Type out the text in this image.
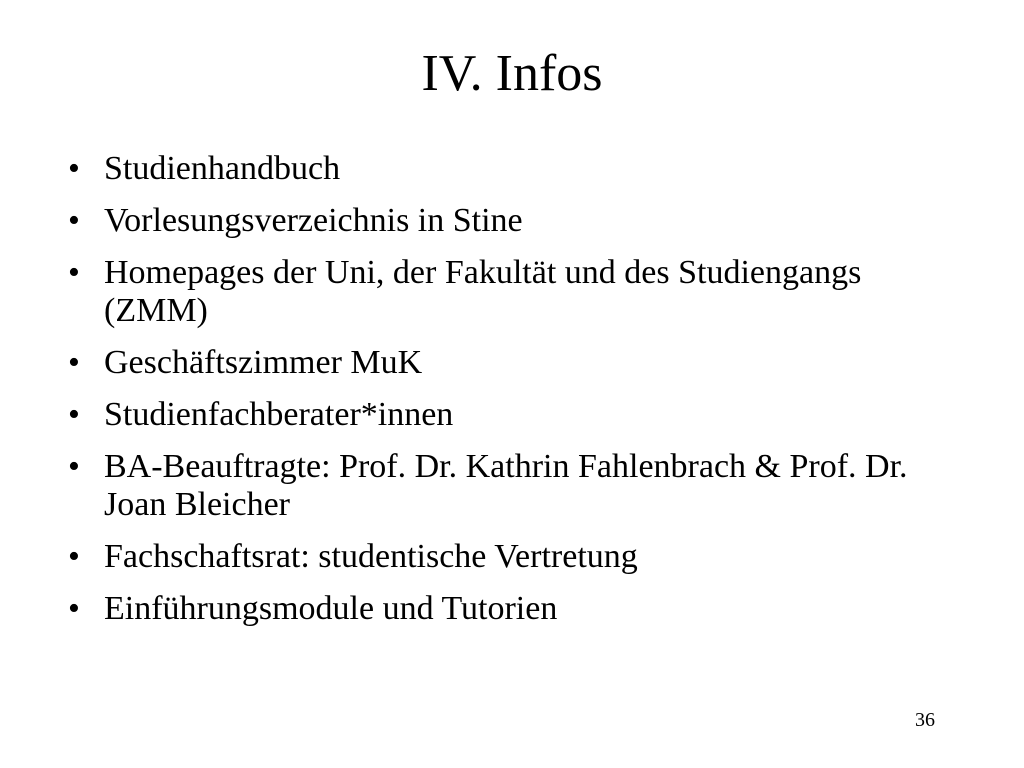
IV. Infos
• Studienhandbuch
• Vorlesungsverzeichnis in Stine
• Homepages der Uni, der Fakultät und des Studiengangs (ZMM)
• Geschäftszimmer MuK
• Studienfachberater*innen
• BA-Beauftragte: Prof. Dr. Kathrin Fahlenbrach & Prof. Dr. Joan Bleicher
• Fachschaftsrat: studentische Vertretung
• Einführungsmodule und Tutorien
36
